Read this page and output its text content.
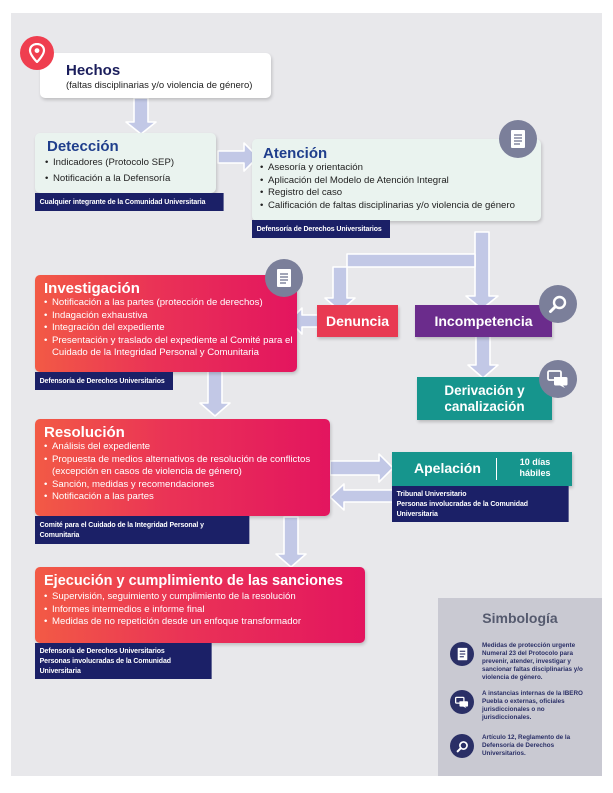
Hechos
(faltas disciplinarias y/o violencia de género)
Detección
• Indicadores (Protocolo SEP)
• Notificación a la Defensoría
Cualquier integrante de la Comunidad Universitaria
Atención
• Asesoría y orientación
• Aplicación del Modelo de Atención Integral
• Registro del caso
• Calificación de faltas disciplinarias y/o violencia de género
Defensoría de Derechos Universitarios
Investigación
• Notificación a las partes (protección de derechos)
• Indagación exhaustiva
• Integración del expediente
• Presentación y traslado del expediente al Comité para el Cuidado de la Integridad Personal y Comunitaria
Defensoría de Derechos Universitarios
Denuncia	Incompetencia
Derivación y
canalización
Resolución
• Análisis del expediente
• Propuesta de medios alternativos de resolución de conflictos (excepción en casos de violencia de género)
• Sanción, medidas y recomendaciones
• Notificación a las partes
Comité para el Cuidado de la Integridad Personal y Comunitaria
Apelación	10 días
hábiles
Tribunal Universitario
Personas involucradas de la Comunidad Universitaria
Ejecución y cumplimiento de las sanciones
• Supervisión, seguimiento y cumplimiento de la resolución
• Informes intermedios e informe final
• Medidas de no repetición desde un enfoque transformador
Defensoría de Derechos Universitarios
Personas involucradas de la Comunidad Universitaria
Simbología
Medidas de protección urgente Numeral 23 del Protocolo para prevenir, atender, investigar y sancionar faltas disciplinarias y/o violencia de género.
A instancias internas de la IBERO Puebla o externas, oficiales jurisdiccionales o no jurisdiccionales.
Artículo 12, Reglamento de la Defensoría de Derechos Universitarios.
